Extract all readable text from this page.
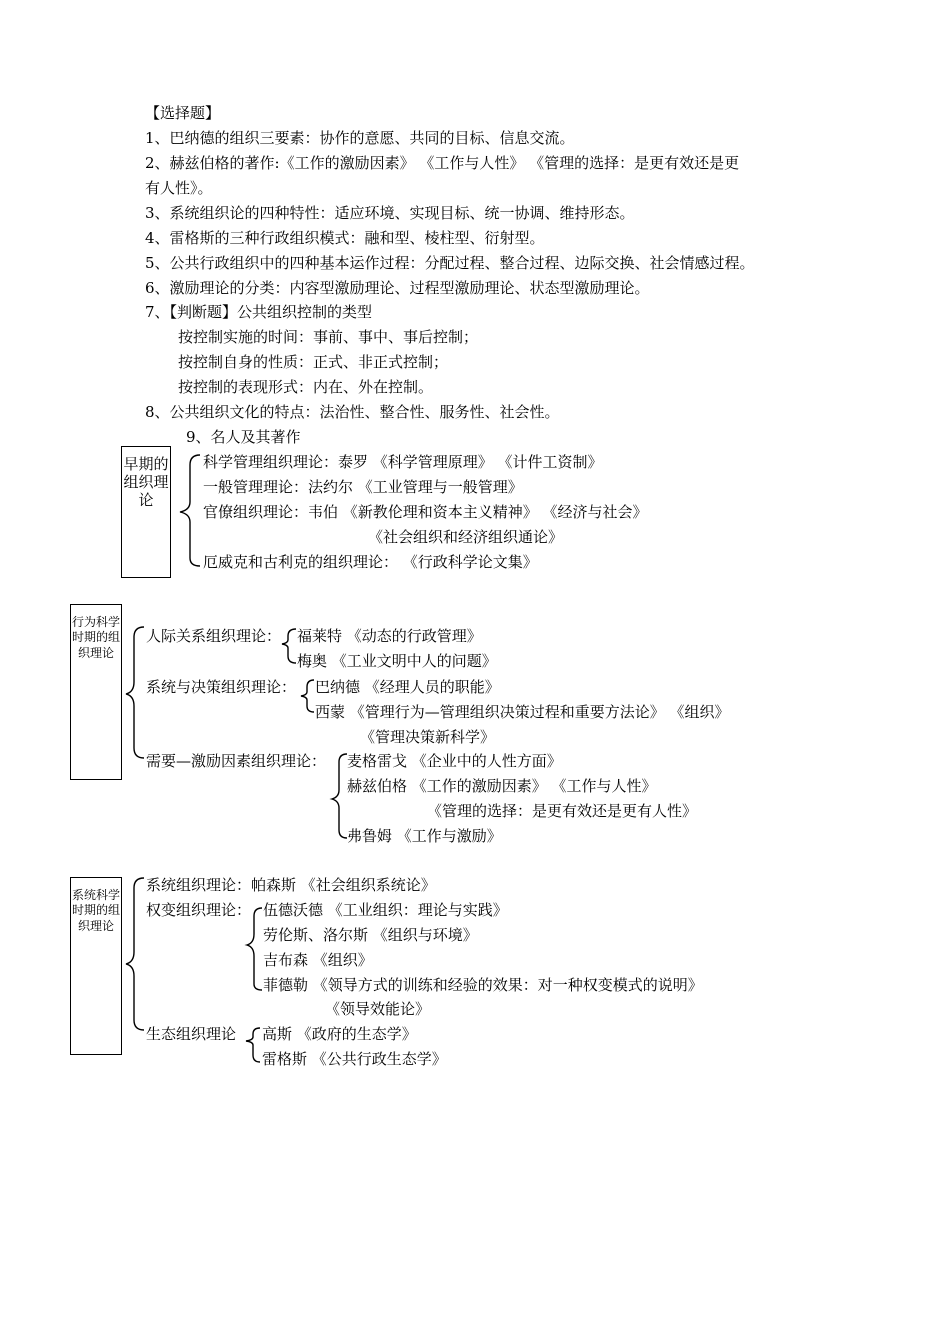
【选择题】
1、巴纳德的组织三要素：协作的意愿、共同的目标、信息交流。
2、赫兹伯格的著作:《工作的激励因素》 《工作与人性》 《管理的选择：是更有效还是更
有人性》。
3、系统组织论的四种特性：适应环境、实现目标、统一协调、维持形态。
4、雷格斯的三种行政组织模式：融和型、棱柱型、衍射型。
5、公共行政组织中的四种基本运作过程：分配过程、整合过程、边际交换、社会情感过程。
6、激励理论的分类：内容型激励理论、过程型激励理论、状态型激励理论。
7、【判断题】公共组织控制的类型
按控制实施的时间：事前、事中、事后控制；
按控制自身的性质：正式、非正式控制；
按控制的表现形式：内在、外在控制。
8、公共组织文化的特点：法治性、整合性、服务性、社会性。
9、名人及其著作
早期的组织理论
科学管理组织理论：泰罗 《科学管理原理》 《计件工资制》
一般管理理论：法约尔 《工业管理与一般管理》
官僚组织理论：韦伯 《新教伦理和资本主义精神》 《经济与社会》
《社会组织和经济组织通论》
厄威克和古利克的组织理论： 《行政科学论文集》
行为科学时期的组织理论
人际关系组织理论： 福莱特 《动态的行政管理》
梅奥 《工业文明中人的问题》
系统与决策组织理论： 巴纳德 《经理人员的职能》
西蒙 《管理行为—管理组织决策过程和重要方法论》 《组织》
《管理决策新科学》
需要—激励因素组织理论： 麦格雷戈 《企业中的人性方面》
赫兹伯格 《工作的激励因素》 《工作与人性》
《管理的选择：是更有效还是更有人性》
弗鲁姆 《工作与激励》
系统科学时期的组织理论
系统组织理论：帕森斯 《社会组织系统论》
权变组织理论： 伍德沃德 《工业组织：理论与实践》
劳伦斯、洛尔斯 《组织与环境》
吉布森 《组织》
菲德勒 《领导方式的训练和经验的效果：对一种权变模式的说明》
《领导效能论》
生态组织理论 高斯 《政府的生态学》
雷格斯 《公共行政生态学》
